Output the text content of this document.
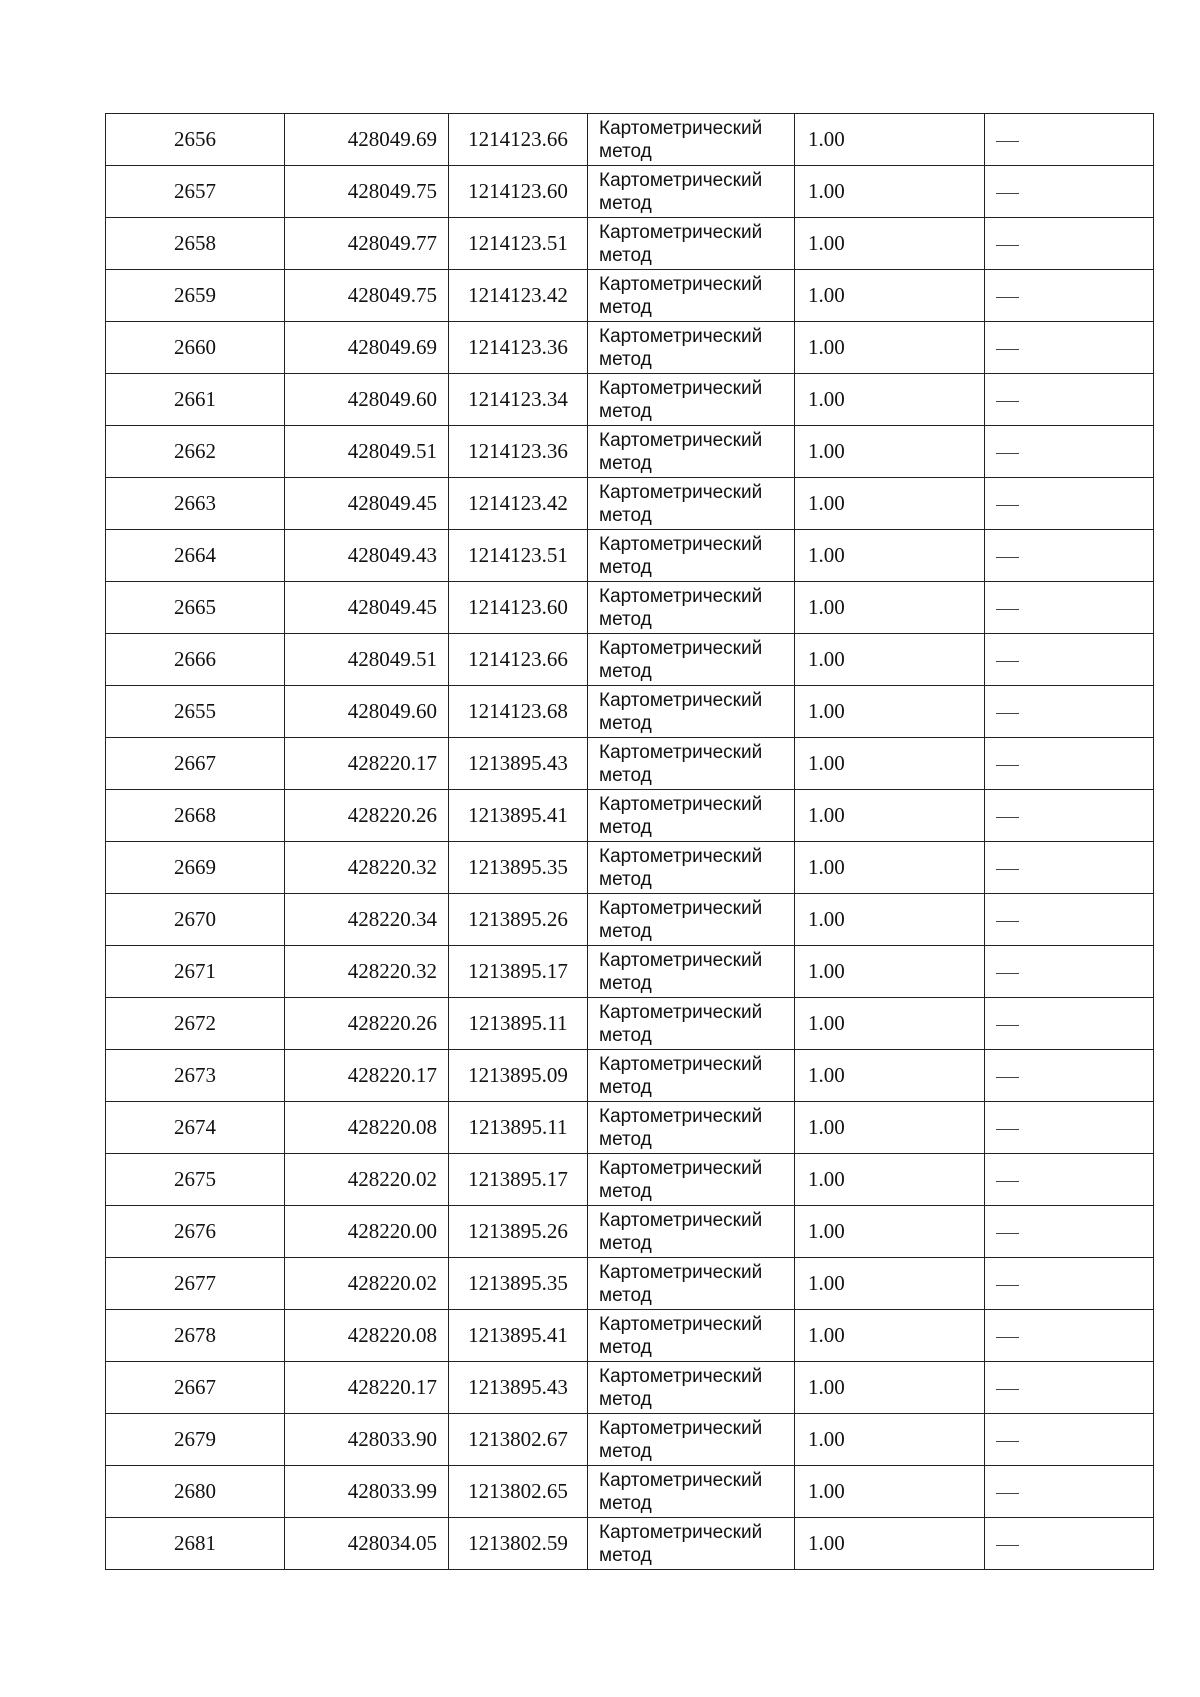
2656	428049.69	1214123.66	Картометрический метод	1.00	
2657	428049.75	1214123.60	Картометрический метод	1.00	
2658	428049.77	1214123.51	Картометрический метод	1.00	
2659	428049.75	1214123.42	Картометрический метод	1.00	
2660	428049.69	1214123.36	Картометрический метод	1.00	
2661	428049.60	1214123.34	Картометрический метод	1.00	
2662	428049.51	1214123.36	Картометрический метод	1.00	
2663	428049.45	1214123.42	Картометрический метод	1.00	
2664	428049.43	1214123.51	Картометрический метод	1.00	
2665	428049.45	1214123.60	Картометрический метод	1.00	
2666	428049.51	1214123.66	Картометрический метод	1.00	
2655	428049.60	1214123.68	Картометрический метод	1.00	
2667	428220.17	1213895.43	Картометрический метод	1.00	
2668	428220.26	1213895.41	Картометрический метод	1.00	
2669	428220.32	1213895.35	Картометрический метод	1.00	
2670	428220.34	1213895.26	Картометрический метод	1.00	
2671	428220.32	1213895.17	Картометрический метод	1.00	
2672	428220.26	1213895.11	Картометрический метод	1.00	
2673	428220.17	1213895.09	Картометрический метод	1.00	
2674	428220.08	1213895.11	Картометрический метод	1.00	
2675	428220.02	1213895.17	Картометрический метод	1.00	
2676	428220.00	1213895.26	Картометрический метод	1.00	
2677	428220.02	1213895.35	Картометрический метод	1.00	
2678	428220.08	1213895.41	Картометрический метод	1.00	
2667	428220.17	1213895.43	Картометрический метод	1.00	
2679	428033.90	1213802.67	Картометрический метод	1.00	
2680	428033.99	1213802.65	Картометрический метод	1.00	
2681	428034.05	1213802.59	Картометрический метод	1.00	
